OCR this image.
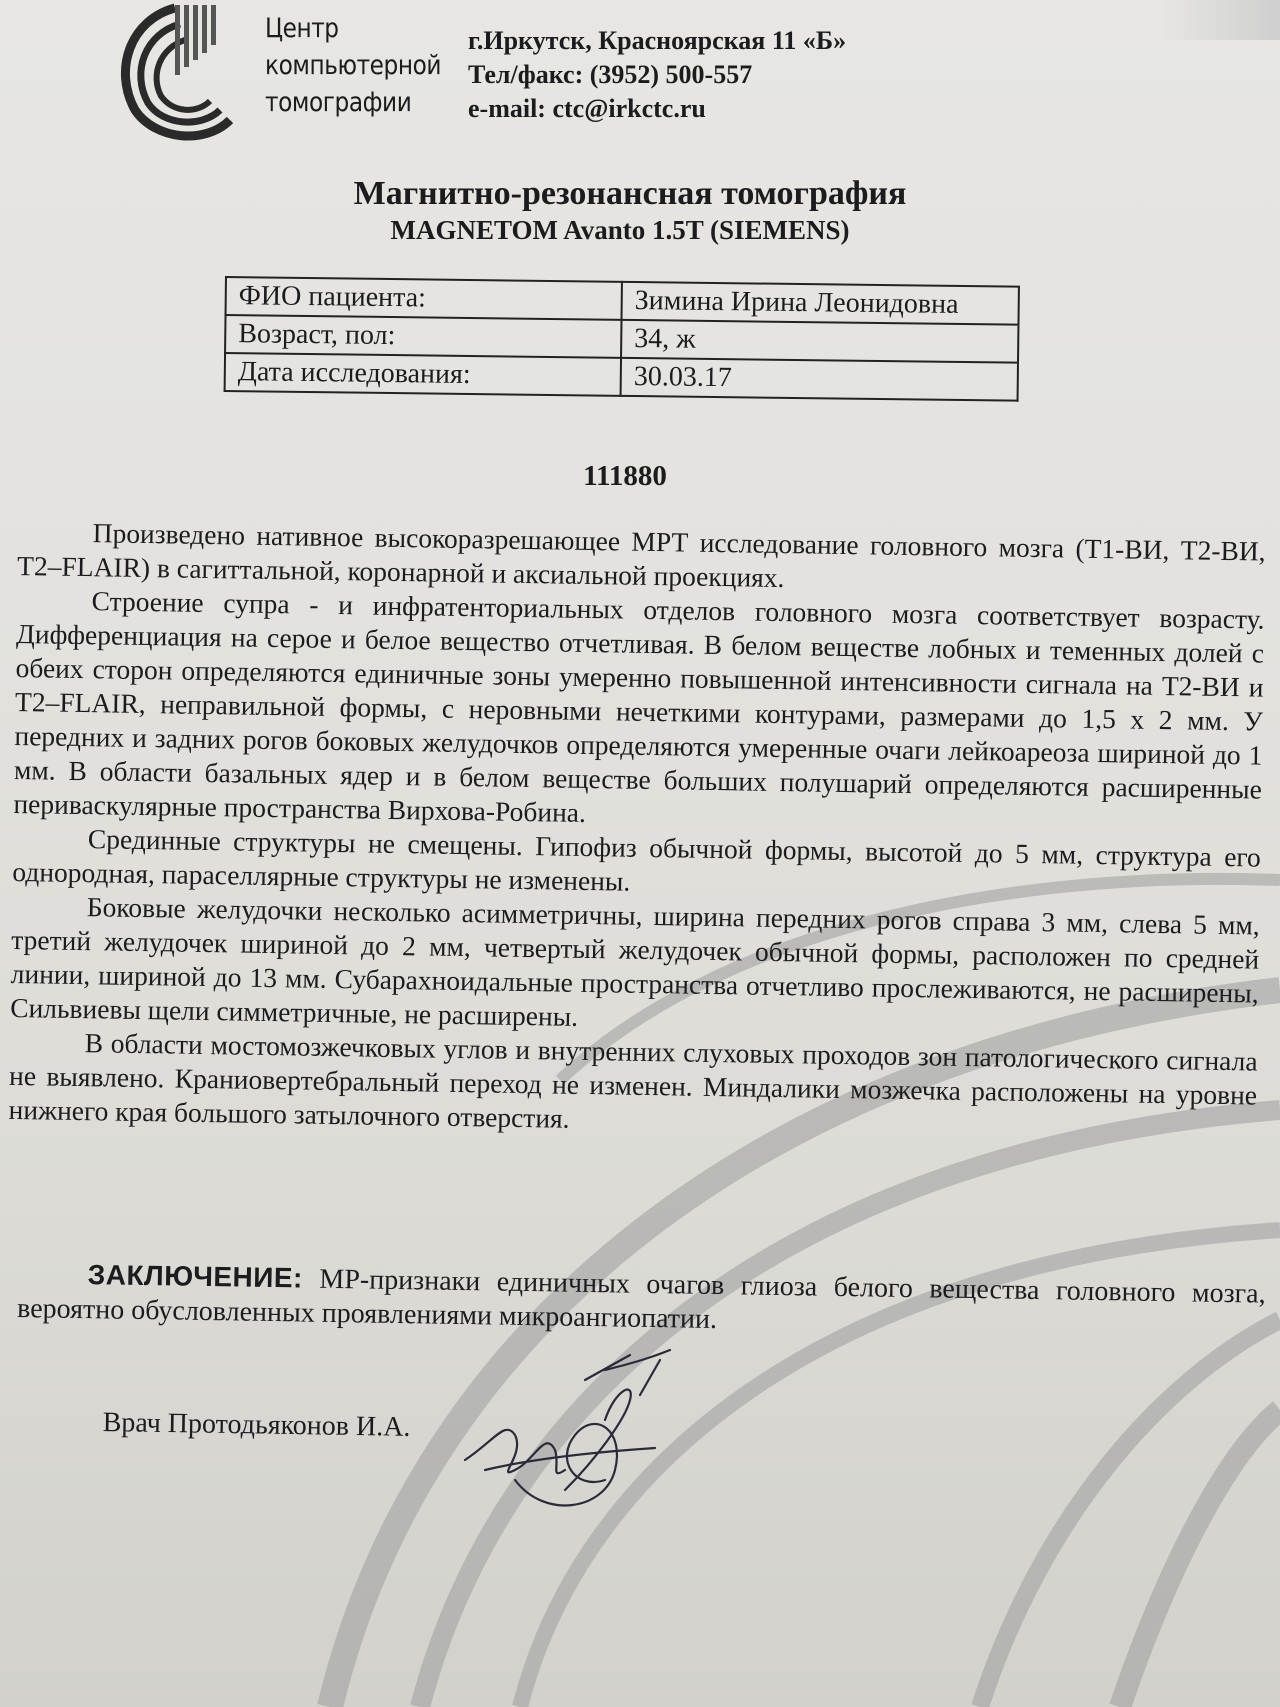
Центр
компьютерной
томографии
г.Иркутск, Красноярская 11 «Б»
Тел/факс: (3952) 500-557
e-mail: ctc@irkctc.ru
Магнитно-резонансная томография
MAGNETOM Avanto 1.5T (SIEMENS)
ФИО пациента:	Зимина Ирина Леонидовна
Возраст, пол:	34, ж
Дата исследования:	30.03.17
111880

Произведено нативное высокоразрешающее МРТ исследование головного мозга (Т1-ВИ, Т2-ВИ, Т2–FLAIR) в сагиттальной, коронарной и аксиальной проекциях.

Строение супра - и инфратенториальных отделов головного мозга соответствует возрасту. Дифференциация на серое и белое вещество отчетливая. В белом веществе лобных и теменных долей с обеих сторон определяются единичные зоны умеренно повышенной интенсивности сигнала на Т2-ВИ и Т2–FLAIR, неправильной формы, с неровными нечеткими контурами, размерами до 1,5 х 2 мм. У передних и задних рогов боковых желудочков определяются умеренные очаги лейкоареоза шириной до 1 мм. В области базальных ядер и в белом веществе больших полушарий определяются расширенные периваскулярные пространства Вирхова-Робина.

Срединные структуры не смещены. Гипофиз обычной формы, высотой до 5 мм, структура его однородная, параселлярные структуры не изменены.

Боковые желудочки несколько асимметричны, ширина передних рогов справа 3 мм, слева 5 мм, третий желудочек шириной до 2 мм, четвертый желудочек обычной формы, расположен по средней линии, шириной до 13 мм. Субарахноидальные пространства отчетливо прослеживаются, не расширены, Сильвиевы щели симметричные, не расширены.

В области мостомозжечковых углов и внутренних слуховых проходов зон патологического сигнала не выявлено. Краниовертебральный переход не изменен. Миндалики мозжечка расположены на уровне нижнего края большого затылочного отверстия.

ЗАКЛЮЧЕНИЕ: МР-признаки единичных очагов глиоза белого вещества головного мозга, вероятно обусловленных проявлениями микроангиопатии.

Врач Протодьяконов И.А.
